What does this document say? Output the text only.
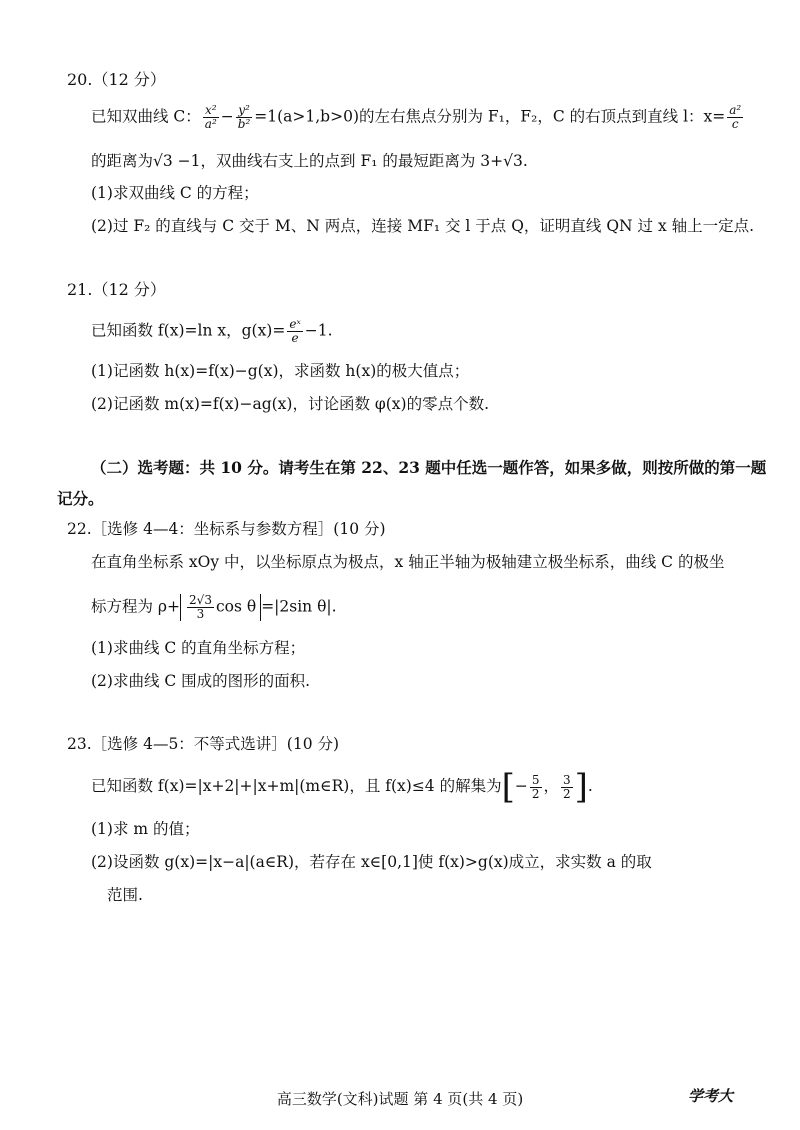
20.（12 分）
已知双曲线 C： $\frac{\text{x²}}{\text{a²}} - \frac{\text{y²}}{\text{b²}} =1(a>1,b>0)$的左右焦点分别为 F₁，F₂，C 的右顶点到直线 l：$x= \frac{\text{a²}}{c}$
的距离为√3 −1，双曲线右支上的点到 F₁ 的最短距离为 3+√3.
(1)求双曲线 C 的方程；
(2)过 F₂ 的直线与 C 交于 M、N 两点，连接 MF₁ 交 l 于点 Q，证明直线 QN 过 x 轴上一定点.
21.（12 分）
已知函数 f(x)=ln x，$g(x)= \frac{\text{eˣ}}{e} -1$.
(1)记函数 h(x)=f(x)−g(x)，求函数 h(x)的极大值点；
(2)记函数 m(x)=f(x)−ag(x)，讨论函数 φ(x)的零点个数.
（二）选考题：共 10 分。请考生在第 22、23 题中任选一题作答，如果多做，则按所做的第一题
记分。
22.［选修 4—4：坐标系与参数方程］(10 分)
在直角坐标系 xOy 中，以坐标原点为极点，x 轴正半轴为极轴建立极坐标系，曲线 C 的极坐
标方程为 $\rho+ \frac{2√3}{3}$ cos θ =|2sin θ|.
(1)求曲线 C 的直角坐标方程；
(2)求曲线 C 围成的图形的面积.
23.［选修 4—5：不等式选讲］(10 分)
已知函数 f(x)=|x+2|+|x+m|(m∈R)，且 f(x)≤4 的解集为[− $\frac{5}{2}$ ， $\frac{3}{2}$ ].
(1)求 m 的值；
(2)设函数 g(x)=|x−a|(a∈R)，若存在 x∈[0,1]使 f(x)>g(x)成立，求实数 a 的取
范围.
高三数学(文科)试题 第 4 页(共 4 页)	学考大
